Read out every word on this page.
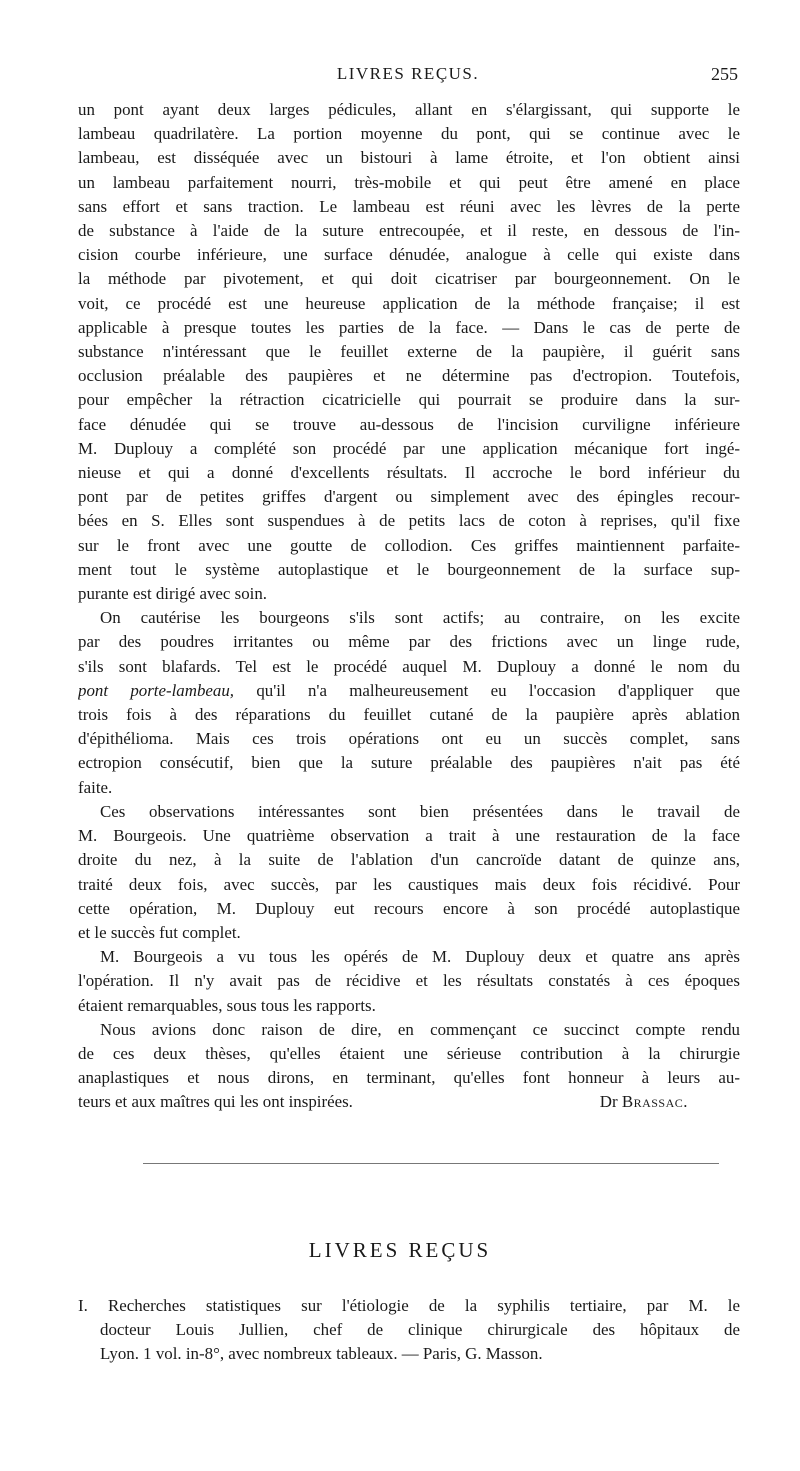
LIVRES REÇUS.	255
un pont ayant deux larges pédicules, allant en s'élargissant, qui supporte le
lambeau quadrilatère. La portion moyenne du pont, qui se continue avec le
lambeau, est disséquée avec un bistouri à lame étroite, et l'on obtient ainsi
un lambeau parfaitement nourri, très-mobile et qui peut être amené en place
sans effort et sans traction. Le lambeau est réuni avec les lèvres de la perte
de substance à l'aide de la suture entrecoupée, et il reste, en dessous de l'in-
cision courbe inférieure, une surface dénudée, analogue à celle qui existe dans
la méthode par pivotement, et qui doit cicatriser par bourgeonnement. On le
voit, ce procédé est une heureuse application de la méthode française; il est
applicable à presque toutes les parties de la face. — Dans le cas de perte de
substance n'intéressant que le feuillet externe de la paupière, il guérit sans
occlusion préalable des paupières et ne détermine pas d'ectropion. Toutefois,
pour empêcher la rétraction cicatricielle qui pourrait se produire dans la sur-
face dénudée qui se trouve au-dessous de l'incision curviligne inférieure
M. Duplouy a complété son procédé par une application mécanique fort ingé-
nieuse et qui a donné d'excellents résultats. Il accroche le bord inférieur du
pont par de petites griffes d'argent ou simplement avec des épingles recour-
bées en S. Elles sont suspendues à de petits lacs de coton à reprises, qu'il fixe
sur le front avec une goutte de collodion. Ces griffes maintiennent parfaite-
ment tout le système autoplastique et le bourgeonnement de la surface sup-
purante est dirigé avec soin.
On cautérise les bourgeons s'ils sont actifs; au contraire, on les excite
par des poudres irritantes ou même par des frictions avec un linge rude,
s'ils sont blafards. Tel est le procédé auquel M. Duplouy a donné le nom du
pont porte-lambeau, qu'il n'a malheureusement eu l'occasion d'appliquer que
trois fois à des réparations du feuillet cutané de la paupière après ablation
d'épithélioma. Mais ces trois opérations ont eu un succès complet, sans
ectropion consécutif, bien que la suture préalable des paupières n'ait pas été
faite.
Ces observations intéressantes sont bien présentées dans le travail de
M. Bourgeois. Une quatrième observation a trait à une restauration de la face
droite du nez, à la suite de l'ablation d'un cancroïde datant de quinze ans,
traité deux fois, avec succès, par les caustiques mais deux fois récidivé. Pour
cette opération, M. Duplouy eut recours encore à son procédé autoplastique
et le succès fut complet.
M. Bourgeois a vu tous les opérés de M. Duplouy deux et quatre ans après
l'opération. Il n'y avait pas de récidive et les résultats constatés à ces époques
étaient remarquables, sous tous les rapports.
Nous avions donc raison de dire, en commençant ce succinct compte rendu
de ces deux thèses, qu'elles étaient une sérieuse contribution à la chirurgie
anaplastiques et nous dirons, en terminant, qu'elles font honneur à leurs au-
teurs et aux maîtres qui les ont inspirées.	Dr Brassac.
LIVRES REÇUS
I. Recherches statistiques sur l'étiologie de la syphilis tertiaire, par M. le
docteur Louis Jullien, chef de clinique chirurgicale des hôpitaux de
Lyon. 1 vol. in-8°, avec nombreux tableaux. — Paris, G. Masson.
